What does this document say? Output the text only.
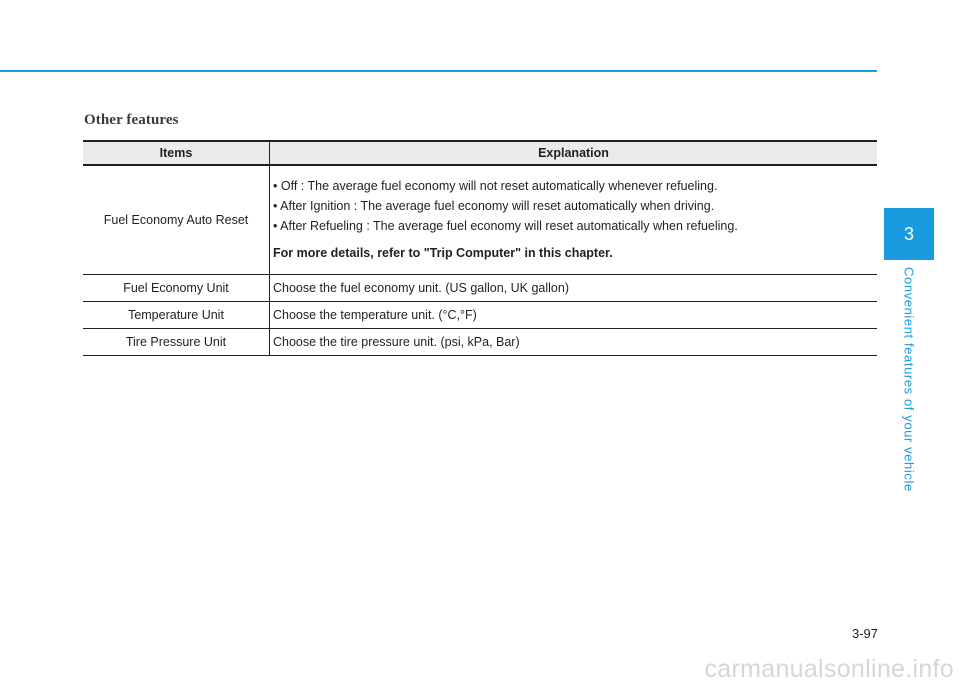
Other features
Items	Explanation
Fuel Economy Auto Reset	• Off : The average fuel economy will not reset automatically whenever refueling.
• After Ignition : The average fuel economy will reset automatically when driving.
• After Refueling : The average fuel economy will reset automatically when refueling.
For more details, refer to "Trip Computer" in this chapter.

Fuel Economy Unit	Choose the fuel economy unit. (US gallon, UK gallon)
Temperature Unit	Choose the temperature unit. (°C,°F)
Tire Pressure Unit	Choose the tire pressure unit. (psi, kPa, Bar)
3
Convenient features of your vehicle
3-97
carmanualsonline.info
